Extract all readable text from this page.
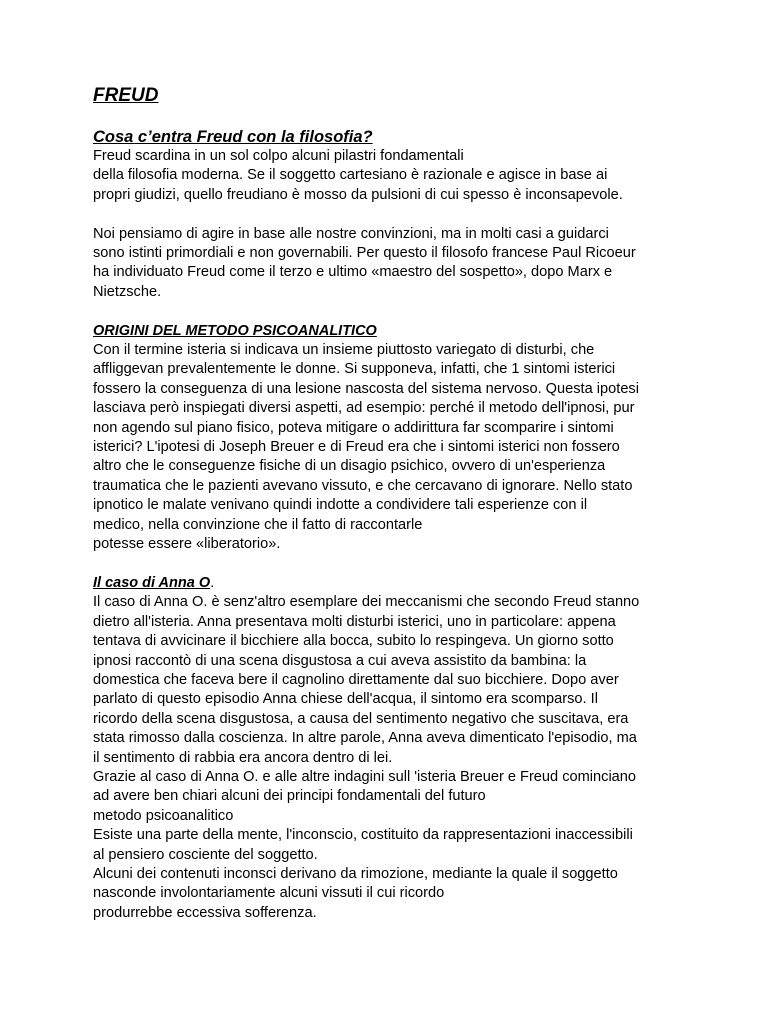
FREUD
Cosa c’entra Freud con la filosofia?
Freud scardina in un sol colpo alcuni pilastri fondamentali
della filosofia moderna. Se il soggetto cartesiano è razionale e agisce in base ai
propri giudizi, quello freudiano è mosso da pulsioni di cui spesso è inconsapevole.
Noi pensiamo di agire in base alle nostre convinzioni, ma in molti casi a guidarci
sono istinti primordiali e non governabili. Per questo il filosofo francese Paul Ricoeur
ha individuato Freud come il terzo e ultimo «maestro del sospetto», dopo Marx e
Nietzsche.
ORIGINI DEL METODO PSICOANALITICO
Con il termine isteria si indicava un insieme piuttosto variegato di disturbi, che
affliggevan prevalentemente le donne. Si supponeva, infatti, che 1 sintomi isterici
fossero la conseguenza di una lesione nascosta del sistema nervoso. Questa ipotesi
lasciava però inspiegati diversi aspetti, ad esempio: perché il metodo dell'ipnosi, pur
non agendo sul piano fisico, poteva mitigare o addirittura far scomparire i sintomi
isterici? L'ipotesi di Joseph Breuer e di Freud era che i sintomi isterici non fossero
altro che le conseguenze fisiche di un disagio psichico, ovvero di un'esperienza
traumatica che le pazienti avevano vissuto, e che cercavano di ignorare. Nello stato
ipnotico le malate venivano quindi indotte a condividere tali esperienze con il
medico, nella convinzione che il fatto di raccontarle
potesse essere «liberatorio».
Il caso di Anna O.
Il caso di Anna O. è senz'altro esemplare dei meccanismi che secondo Freud stanno
dietro all'isteria. Anna presentava molti disturbi isterici, uno in particolare: appena
tentava di avvicinare il bicchiere alla bocca, subito lo respingeva. Un giorno sotto
ipnosi raccontò di una scena disgustosa a cui aveva assistito da bambina: la
domestica che faceva bere il cagnolino direttamente dal suo bicchiere. Dopo aver
parlato di questo episodio Anna chiese dell'acqua, il sintomo era scomparso. Il
ricordo della scena disgustosa, a causa del sentimento negativo che suscitava, era
stata rimosso dalla coscienza. In altre parole, Anna aveva dimenticato l'episodio, ma
il sentimento di rabbia era ancora dentro di lei.
Grazie al caso di Anna O. e alle altre indagini sull 'isteria Breuer e Freud cominciano
ad avere ben chiari alcuni dei principi fondamentali del futuro
metodo psicoanalitico
Esiste una parte della mente, l'inconscio, costituito da rappresentazioni inaccessibili
al pensiero cosciente del soggetto.
Alcuni dei contenuti inconsci derivano da rimozione, mediante la quale il soggetto
nasconde involontariamente alcuni vissuti il cui ricordo
produrrebbe eccessiva sofferenza.
